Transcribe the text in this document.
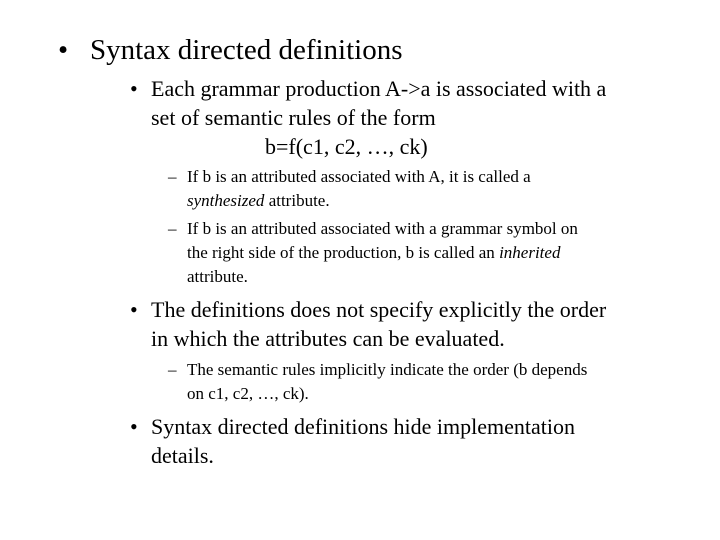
• Syntax directed definitions
• Each grammar production A->a is associated with a
set of semantic rules of the form
b=f(c1, c2, …, ck)
– If b is an attributed associated with A, it is called a
synthesized attribute.
– If b is an attributed associated with a grammar symbol on
the right side of the production, b is called an inherited
attribute.
• The definitions does not specify explicitly the order
in which the attributes can be evaluated.
– The semantic rules implicitly indicate the order (b depends
on c1, c2, …, ck).
• Syntax directed definitions hide implementation
details.
